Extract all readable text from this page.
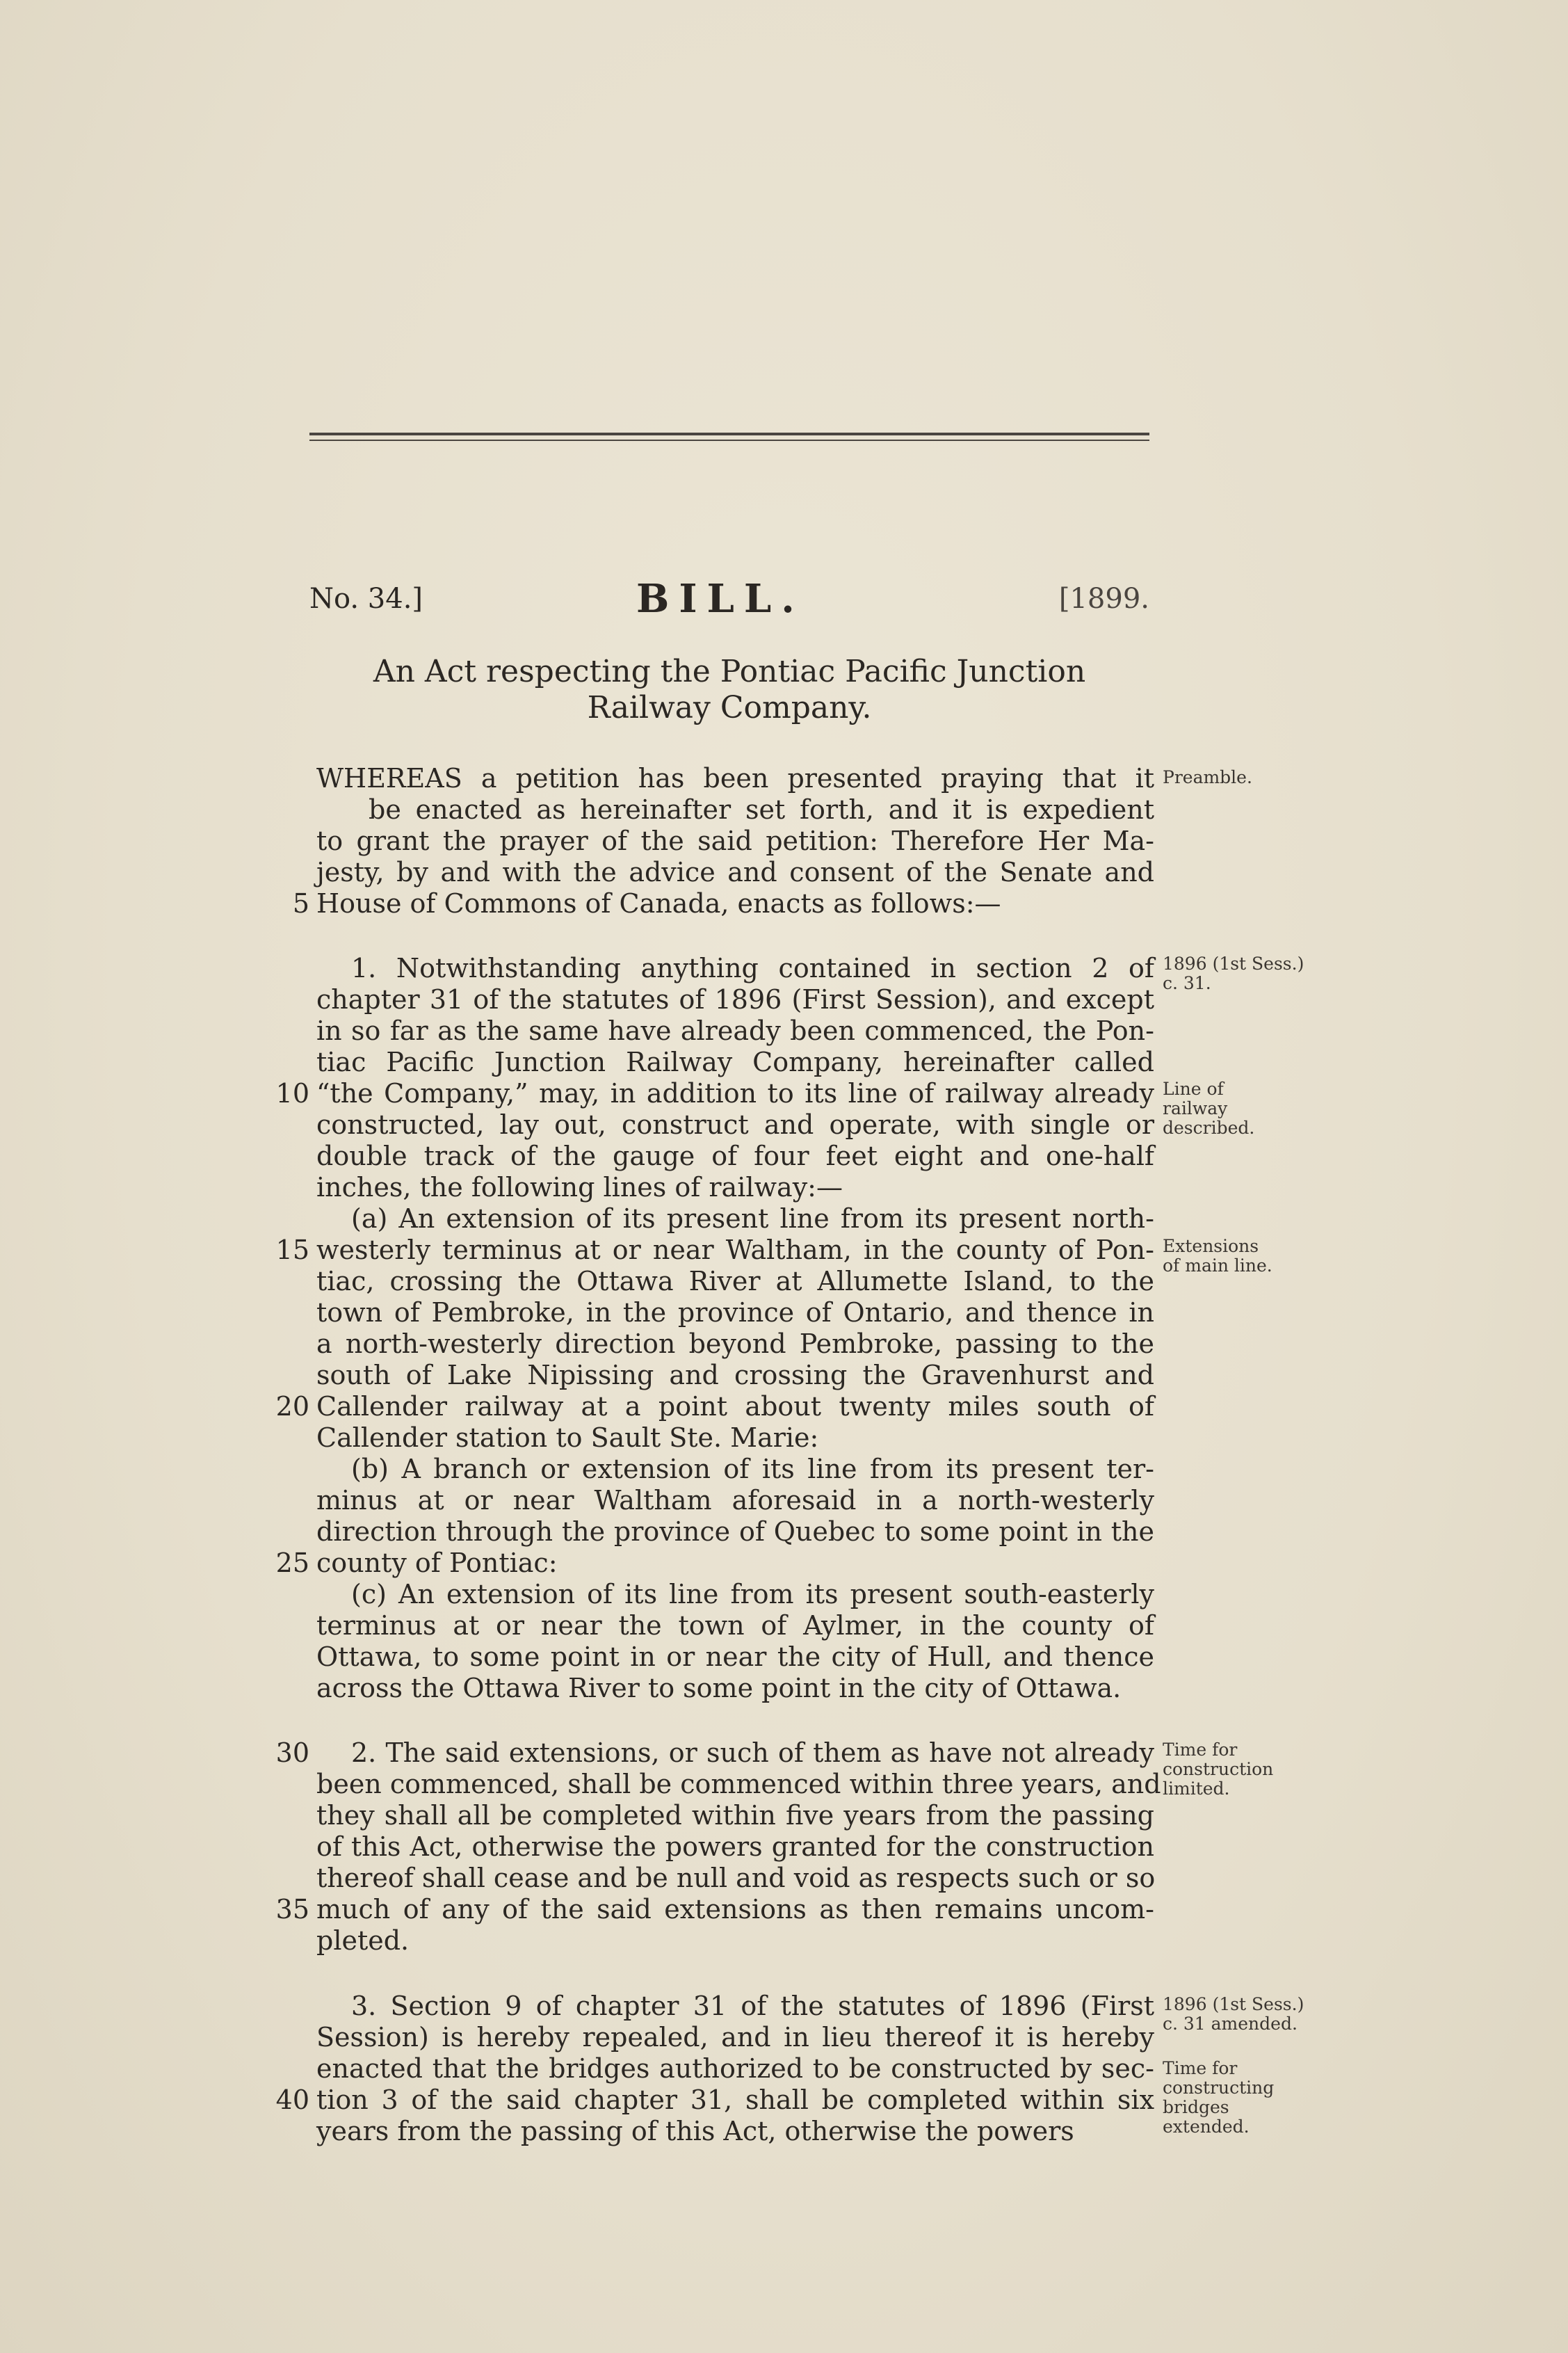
No. 34.]	BILL.	[1899.
An Act respecting the Pontiac Pacific Junction
Railway Company.
WHEREAS a petition has been presented praying that it
be enacted as hereinafter set forth, and it is expedient
to grant the prayer of the said petition: Therefore Her Ma-
jesty, by and with the advice and consent of the Senate and
House of Commons of Canada, enacts as follows:—
1. Notwithstanding anything contained in section 2 of
chapter 31 of the statutes of 1896 (First Session), and except
in so far as the same have already been commenced, the Pon-
tiac Pacific Junction Railway Company, hereinafter called
“the Company,” may, in addition to its line of railway already
constructed, lay out, construct and operate, with single or
double track of the gauge of four feet eight and one-half
inches, the following lines of railway:—
(a) An extension of its present line from its present north-
westerly terminus at or near Waltham, in the county of Pon-
tiac, crossing the Ottawa River at Allumette Island, to the
town of Pembroke, in the province of Ontario, and thence in
a north-westerly direction beyond Pembroke, passing to the
south of Lake Nipissing and crossing the Gravenhurst and
Callender railway at a point about twenty miles south of
Callender station to Sault Ste. Marie:
(b) A branch or extension of its line from its present ter-
minus at or near Waltham aforesaid in a north-westerly
direction through the province of Quebec to some point in the
county of Pontiac:
(c) An extension of its line from its present south-easterly
terminus at or near the town of Aylmer, in the county of
Ottawa, to some point in or near the city of Hull, and thence
across the Ottawa River to some point in the city of Ottawa.
2. The said extensions, or such of them as have not already
been commenced, shall be commenced within three years, and
they shall all be completed within five years from the passing
of this Act, otherwise the powers granted for the construction
thereof shall cease and be null and void as respects such or so
much of any of the said extensions as then remains uncom-
pleted.
3. Section 9 of chapter 31 of the statutes of 1896 (First
Session) is hereby repealed, and in lieu thereof it is hereby
enacted that the bridges authorized to be constructed by sec-
tion 3 of the said chapter 31, shall be completed within six
years from the passing of this Act, otherwise the powers
5
10
15
20
25
30
35
40
Preamble.
1896 (1st Sess.)
c. 31.
Line of
railway
described.
Extensions
of main line.
Time for
construction
limited.
1896 (1st Sess.)
c. 31 amended.
Time for
constructing
bridges
extended.
